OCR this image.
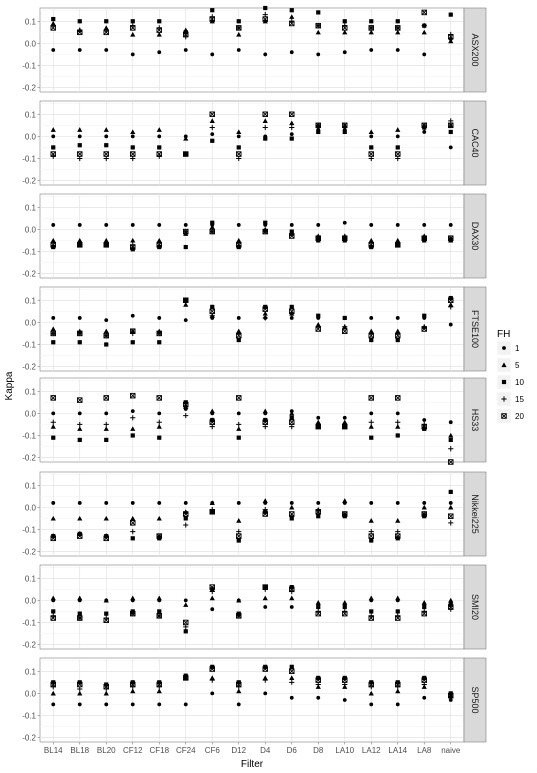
-0.2
-0.1
0.0
0.1
ASX200
-0.2
-0.1
0.0
0.1
CAC40
-0.2
-0.1
0.0
0.1
DAX30
-0.2
-0.1
0.0
0.1
FTSE100
-0.2
-0.1
0.0
0.1
HS33
-0.2
-0.1
0.0
0.1
Nikkei225
-0.2
-0.1
0.0
0.1
SMI20
-0.2
-0.1
0.0
0.1
SP500
BL14 BL18 BL20 CF12 CF18 CF24 CF6 D12 D4 D6 D8 LA10 LA12 LA14 LA8 naive
Filter
Kappa
FH
1
5
10
15
20
